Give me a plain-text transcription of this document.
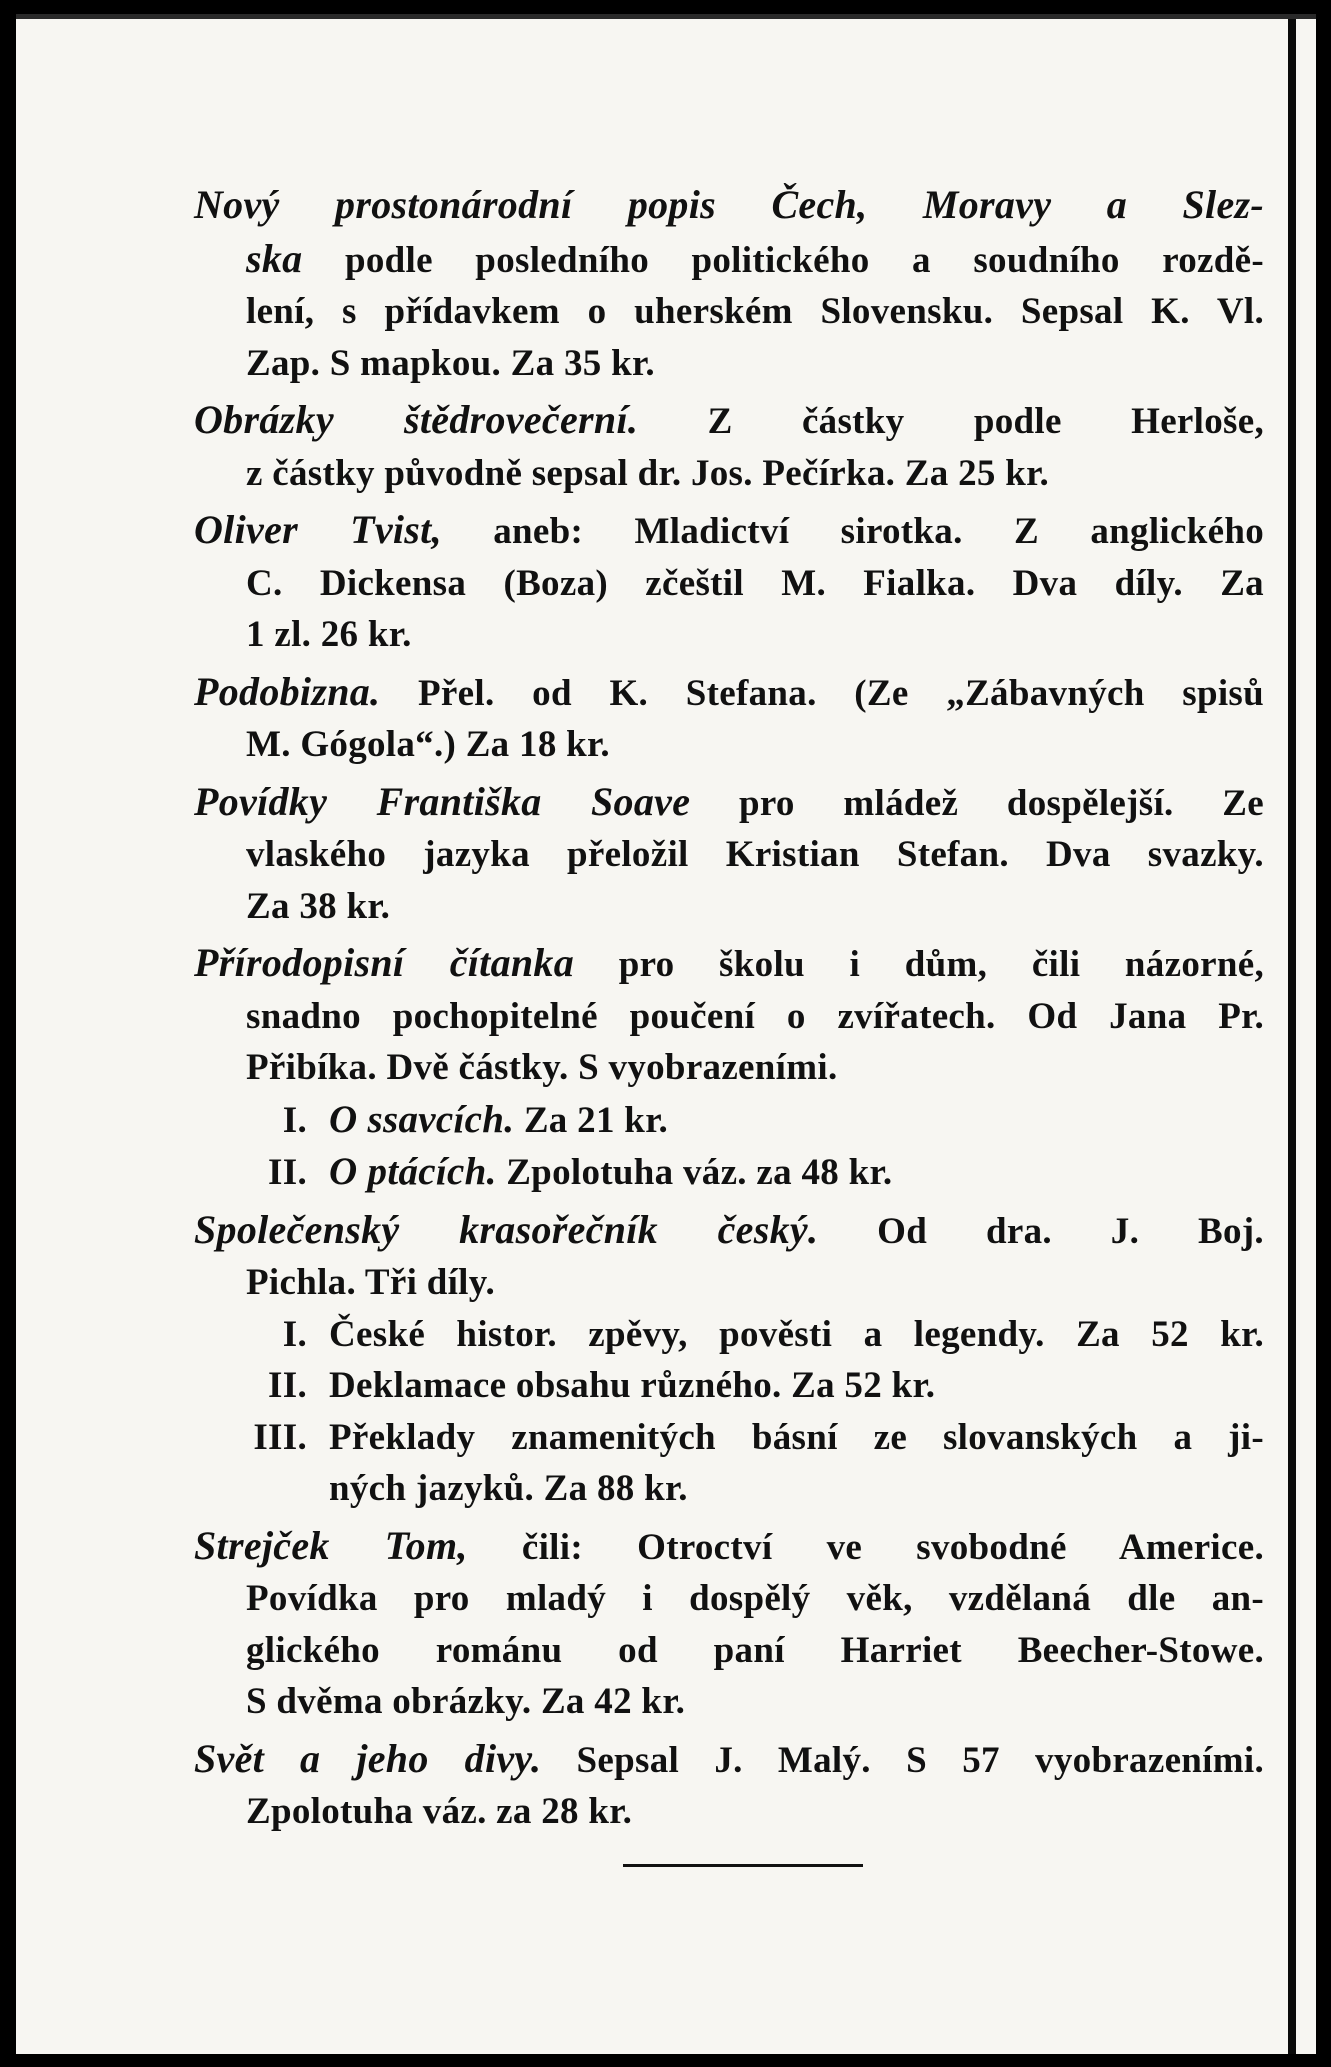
Nový prostonárodní popis Čech, Moravy a Slez-
ska podle posledního politického a soudního rozdě-
lení, s přídavkem o uherském Slovensku. Sepsal K. Vl.
Zap. S mapkou. Za 35 kr.
Obrázky štědrovečerní. Z částky podle Herloše,
z částky původně sepsal dr. Jos. Pečírka. Za 25 kr.
Oliver Tvist, aneb: Mladictví sirotka. Z anglického
C. Dickensa (Boza) zčeštil M. Fialka. Dva díly. Za
1 zl. 26 kr.
Podobizna. Přel. od K. Stefana. (Ze „Zábavných spisů
M. Gógola“.) Za 18 kr.
Povídky Františka Soave pro mládež dospělejší. Ze
vlaského jazyka přeložil Kristian Stefan. Dva svazky.
Za 38 kr.
Přírodopisní čítanka pro školu i dům, čili názorné,
snadno pochopitelné poučení o zvířatech. Od Jana Pr.
Přibíka. Dvě částky. S vyobrazeními.
I. O ssavcích. Za 21 kr.
II. O ptácích. Zpolotuha váz. za 48 kr.
Společenský krasořečník český. Od dra. J. Boj.
Pichla. Tři díly.
I. České histor. zpěvy, pověsti a legendy. Za 52 kr.
II. Deklamace obsahu různého. Za 52 kr.
III. Překlady znamenitých básní ze slovanských a ji-
ných jazyků. Za 88 kr.
Strejček Tom, čili: Otroctví ve svobodné Americe.
Povídka pro mladý i dospělý věk, vzdělaná dle an-
glického románu od paní Harriet Beecher-Stowe.
S dvěma obrázky. Za 42 kr.
Svět a jeho divy. Sepsal J. Malý. S 57 vyobrazeními.
Zpolotuha váz. za 28 kr.
